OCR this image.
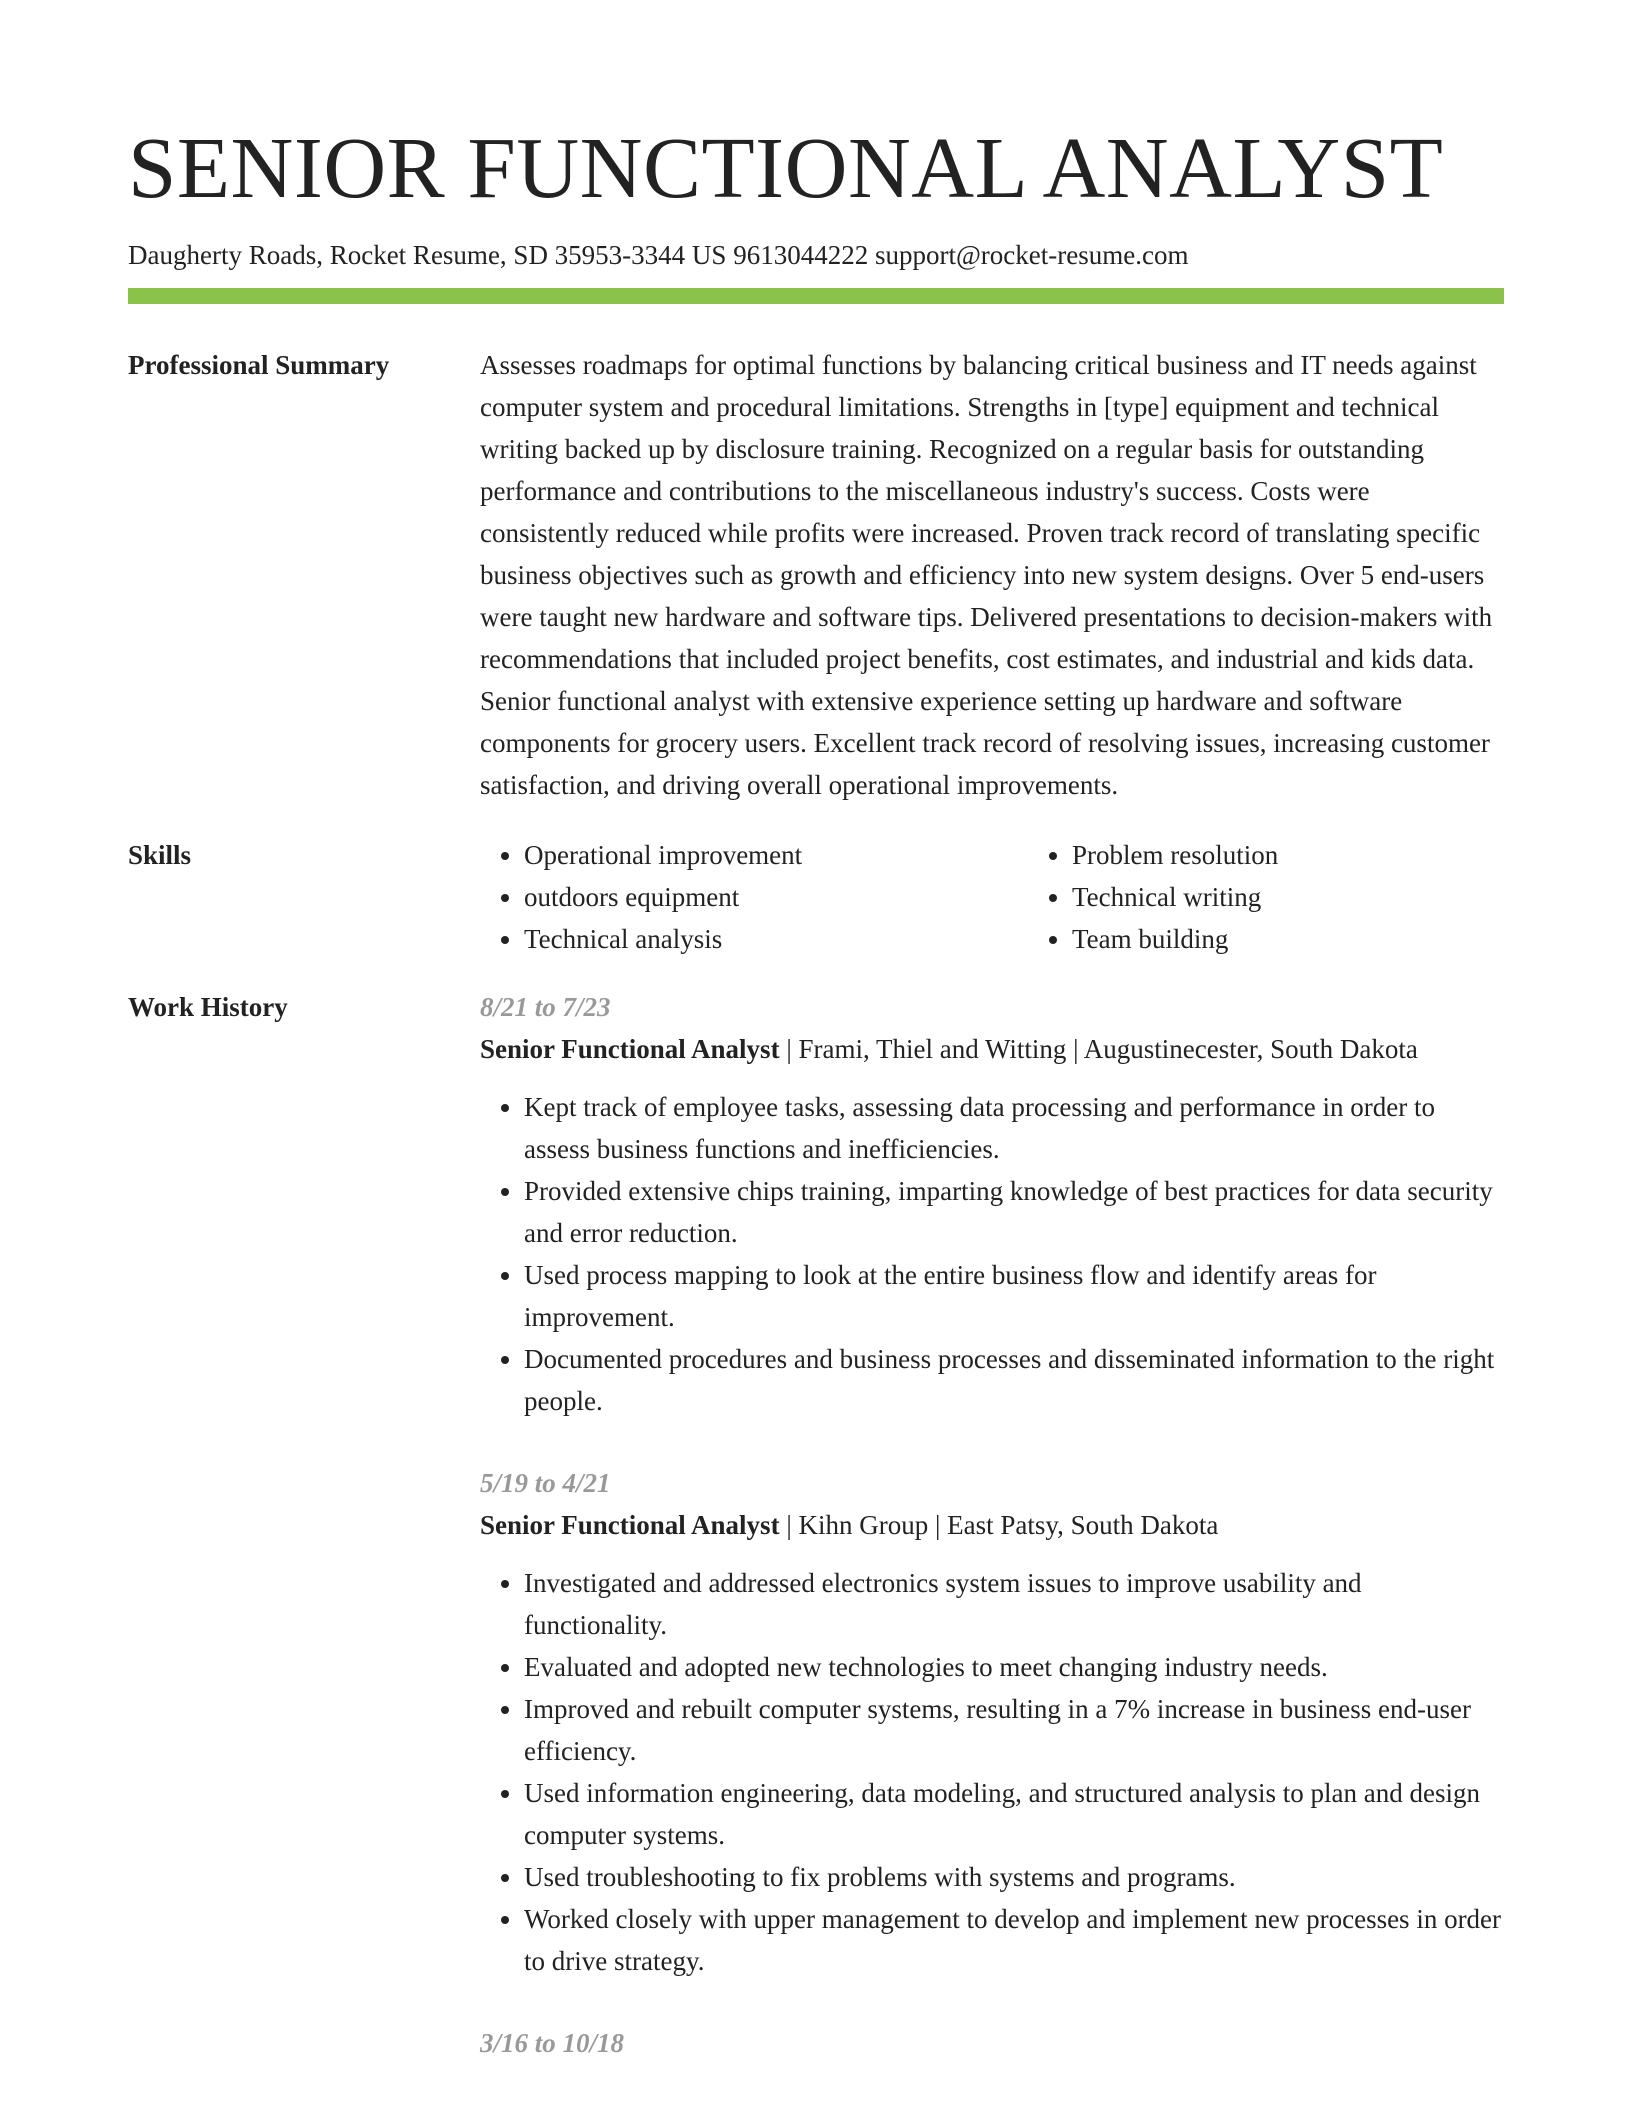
SENIOR FUNCTIONAL ANALYST
Daugherty Roads, Rocket Resume, SD 35953-3344 US 9613044222 support@rocket-resume.com
Professional Summary	Assesses roadmaps for optimal functions by balancing critical business and IT needs against computer system and procedural limitations. Strengths in [type] equipment and technical writing backed up by disclosure training. Recognized on a regular basis for outstanding performance and contributions to the miscellaneous industry's success. Costs were consistently reduced while profits were increased. Proven track record of translating specific business objectives such as growth and efficiency into new system designs. Over 5 end-users were taught new hardware and software tips. Delivered presentations to decision-makers with recommendations that included project benefits, cost estimates, and industrial and kids data. Senior functional analyst with extensive experience setting up hardware and software components for grocery users. Excellent track record of resolving issues, increasing customer satisfaction, and driving overall operational improvements.

Skills
•	Operational improvement
• outdoors equipment
• Technical analysis
• Problem resolution
• Technical writing
• Team building
Work History	8/21 to 7/23
Senior Functional Analyst | Frami, Thiel and Witting | Augustinecester, South Dakota
• Kept track of employee tasks, assessing data processing and performance in order to assess business functions and inefficiencies.
• Provided extensive chips training, imparting knowledge of best practices for data security and error reduction.
• Used process mapping to look at the entire business flow and identify areas for improvement.
• Documented procedures and business processes and disseminated information to the right people.
5/19 to 4/21
Senior Functional Analyst | Kihn Group | East Patsy, South Dakota
• Investigated and addressed electronics system issues to improve usability and functionality.
• Evaluated and adopted new technologies to meet changing industry needs.
• Improved and rebuilt computer systems, resulting in a 7% increase in business end-user efficiency.
• Used information engineering, data modeling, and structured analysis to plan and design computer systems.
• Used troubleshooting to fix problems with systems and programs.
• Worked closely with upper management to develop and implement new processes in order to drive strategy.
3/16 to 10/18
